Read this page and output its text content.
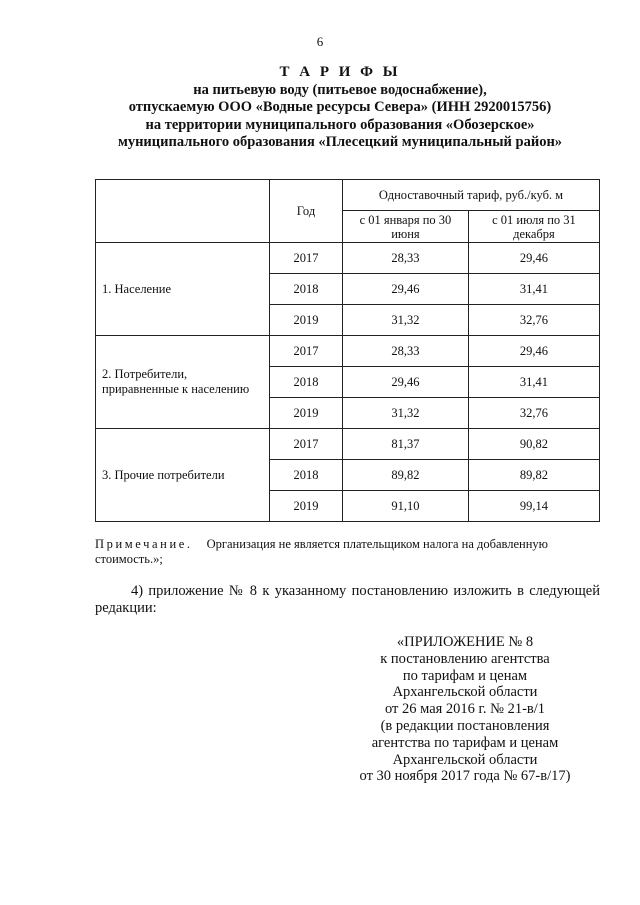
6
Т А Р И Ф Ы
на питьевую воду (питьевое водоснабжение),
отпускаемую ООО «Водные ресурсы Севера» (ИНН 2920015756)
на территории муниципального образования «Обозерское»
муниципального образования «Плесецкий муниципальный район»
	Год	Одноставочный тариф, руб./куб. м	
		с 01 января по 30 июня	с 01 июля по 31 декабря
1. Население	2017	28,33	29,46
	2018	29,46	31,41
	2019	31,32	32,76
2. Потребители, приравненные к населению	2017	28,33	29,46
	2018	29,46	31,41
	2019	31,32	32,76
3. Прочие потребители	2017	81,37	90,82
	2018	89,82	89,82
	2019	91,10	99,14
Примечание. Организация не является плательщиком налога на добавленную стоимость.»;
4) приложение № 8 к указанному постановлению изложить в следующей редакции:
«ПРИЛОЖЕНИЕ № 8
к постановлению агентства
по тарифам и ценам
Архангельской области
от 26 мая 2016 г. № 21-в/1
(в редакции постановления
агентства по тарифам и ценам
Архангельской области
от 30 ноября 2017 года № 67-в/17)
